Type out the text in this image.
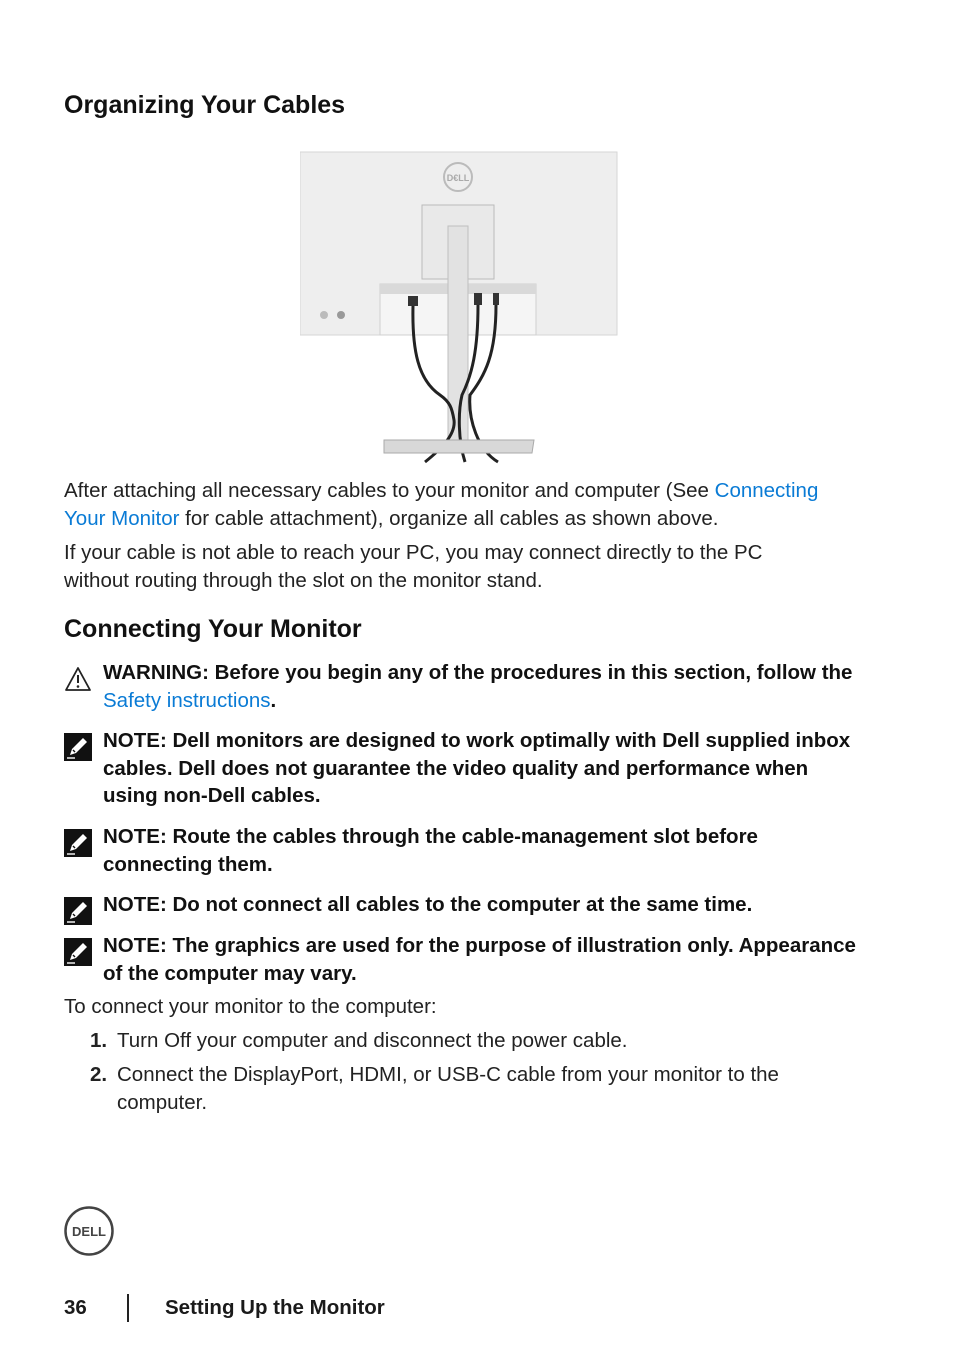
Organizing Your Cables
D€LL
After attaching all necessary cables to your monitor and computer (See Connecting Your Monitor for cable attachment), organize all cables as shown above.
If your cable is not able to reach your PC, you may connect directly to the PC without routing through the slot on the monitor stand.
Connecting Your Monitor
WARNING: Before you begin any of the procedures in this section, follow the Safety instructions.
NOTE: Dell monitors are designed to work optimally with Dell supplied inbox cables. Dell does not guarantee the video quality and performance when using non-Dell cables.
NOTE: Route the cables through the cable-management slot before connecting them.
NOTE: Do not connect all cables to the computer at the same time.
NOTE: The graphics are used for the purpose of illustration only. Appearance of the computer may vary.
To connect your monitor to the computer:
1. Turn Off your computer and disconnect the power cable.
2. Connect the DisplayPort, HDMI, or USB-C cable from your monitor to the computer.
DELL
36	Setting Up the Monitor
